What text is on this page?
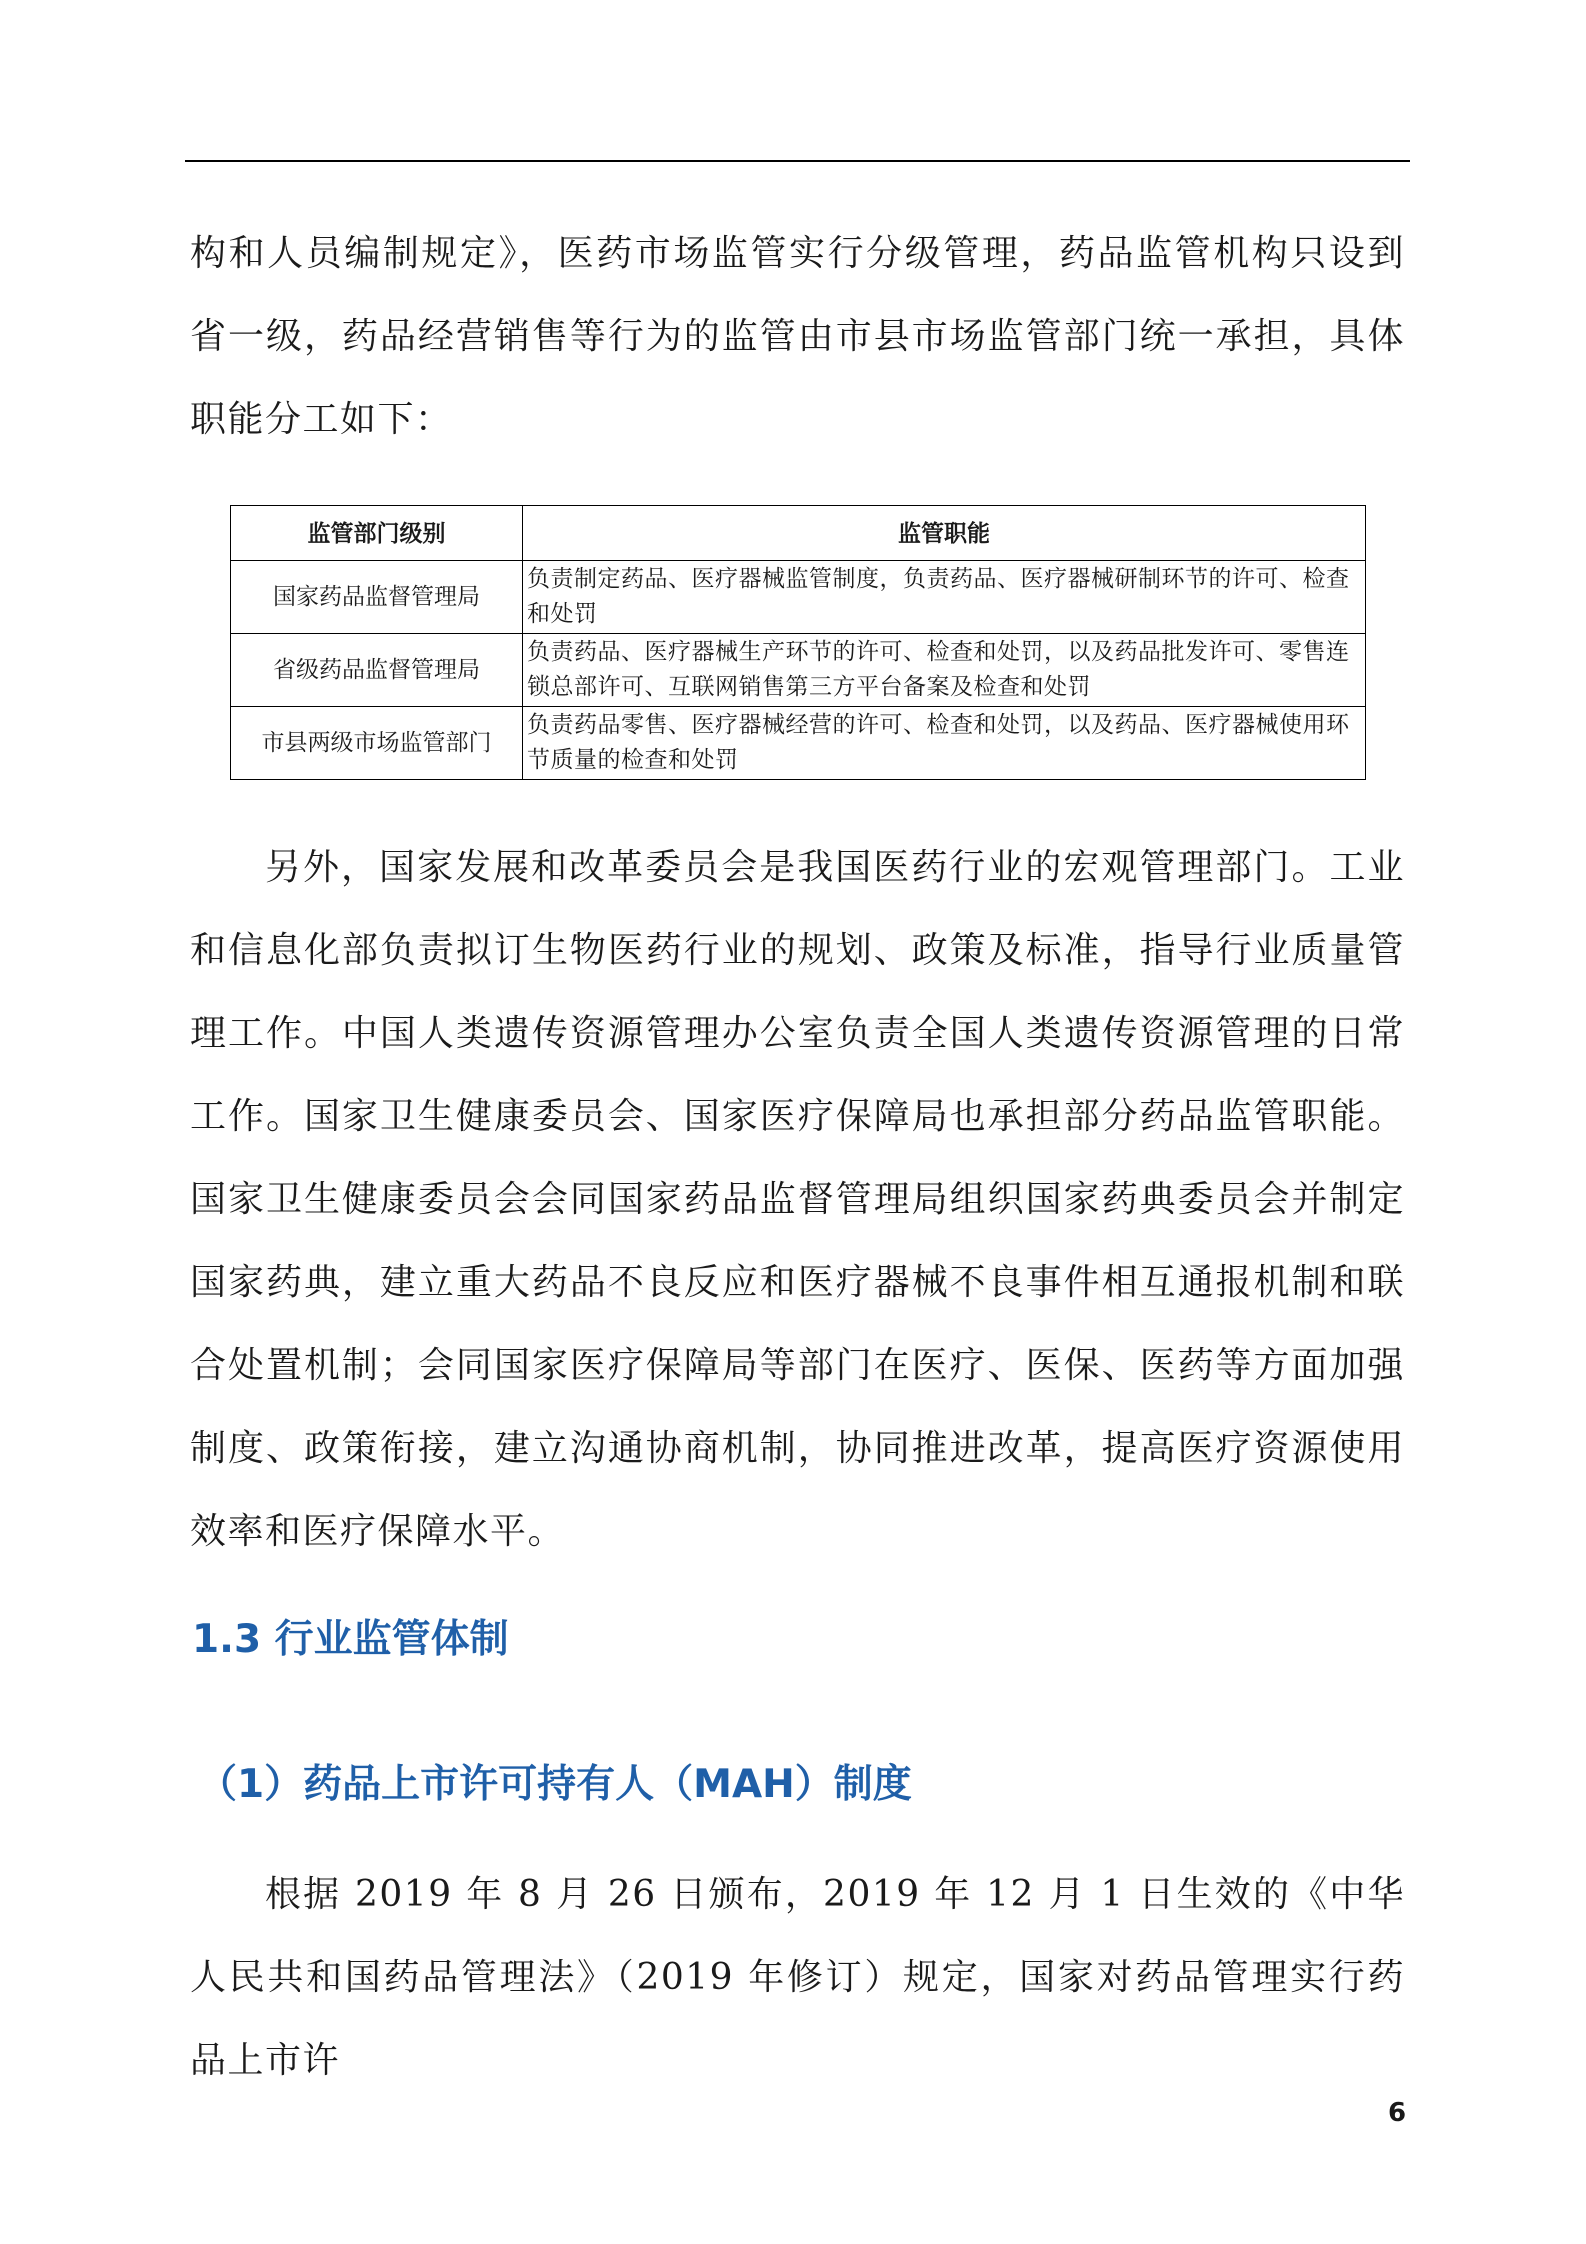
构和人员编制规定》，医药市场监管实行分级管理，药品监管机构只设到省一级，药品经营销售等行为的监管由市县市场监管部门统一承担，具体职能分工如下：

监管部门级别	监管职能
国家药品监督管理局	负责制定药品、医疗器械监管制度，负责药品、医疗器械研制环节的许可、检查和处罚
省级药品监督管理局	负责药品、医疗器械生产环节的许可、检查和处罚，以及药品批发许可、零售连锁总部许可、互联网销售第三方平台备案及检查和处罚
市县两级市场监管部门	负责药品零售、医疗器械经营的许可、检查和处罚，以及药品、医疗器械使用环节质量的检查和处罚

另外，国家发展和改革委员会是我国医药行业的宏观管理部门。工业和信息化部负责拟订生物医药行业的规划、政策及标准，指导行业质量管理工作。中国人类遗传资源管理办公室负责全国人类遗传资源管理的日常工作。国家卫生健康委员会、国家医疗保障局也承担部分药品监管职能。国家卫生健康委员会会同国家药品监督管理局组织国家药典委员会并制定国家药典，建立重大药品不良反应和医疗器械不良事件相互通报机制和联合处置机制；会同国家医疗保障局等部门在医疗、医保、医药等方面加强制度、政策衔接，建立沟通协商机制，协同推进改革，提高医疗资源使用效率和医疗保障水平。

1.3 行业监管体制
（1）药品上市许可持有人（MAH）制度

根据 2019 年 8 月 26 日颁布，2019 年 12 月 1 日生效的《中华人民共和国药品管理法》（2019 年修订）规定，国家对药品管理实行药品上市许

6
